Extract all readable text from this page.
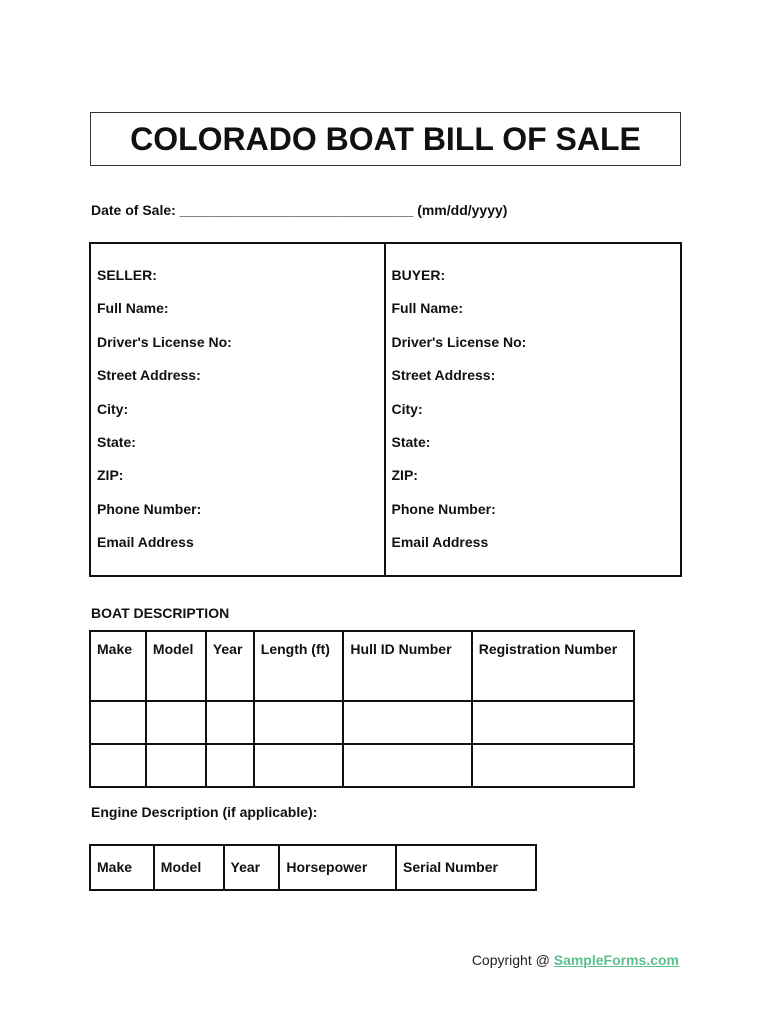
COLORADO BOAT BILL OF SALE
Date of Sale: ______________________________ (mm/dd/yyyy)
SELLER:
Full Name:
Driver's License No:
Street Address:
City:
State:
ZIP:
Phone Number:
Email Address
BUYER:
Full Name:
Driver's License No:
Street Address:
City:
State:
ZIP:
Phone Number:
Email Address
BOAT DESCRIPTION
Make	Model	Year	Length (ft)	Hull ID Number	Registration Number

Engine Description (if applicable):
Make	Model	Year	Horsepower	Serial Number
Copyright @ SampleForms.com
